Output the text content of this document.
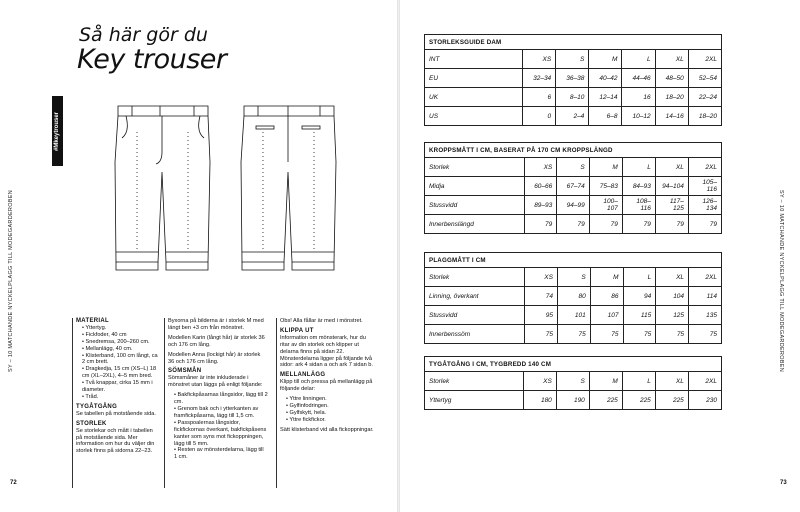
SY – 10 MATCHANDE NYCKELPLAGG TILL MODEGARDEROBEN
72
#Mkeytrouser
Så här gör du
Key trouser
MATERIAL
• Yttertyg.
• Fickfoder, 40 cm
• Snedremsa, 200–260 cm.
• Mellanlägg, 40 cm.
• Klisterband, 100 cm långt, ca 2 cm brett.
• Dragkedja, 15 cm (XS–L) 18 cm (XL–2XL), 4–5 mm bred.
• Två knappar, cirka 15 mm i diameter.
• Tråd.
TYGÅTGÅNG

Se tabellen på motstående sida.

STORLEK

Se storlekar och mått i tabellen på motstående sida. Mer information om hur du väljer din storlek finns på sidorna 22–23.

Byxorna på bilderna är i storlek M med längt ben +3 cm från mönstret.

Modellen Karin (långt hår) är storlek 36 och 176 cm lång.

Modellen Anna (lockigt hår) är storlek 36 och 176 cm lång.

SÖMSMÅN

Sömsmåner är inte inkluderade i mönstret utan läggs på enligt följande:

• Bakfickpåsarnas långsidor, lägg till 2 cm.
• Grenom bak och i ytterkanten av framfickpåsarna, lägg till 1,5 cm.
• Passpoalernas långsidor, fickfickornas överkant, bakfickpåsens kanter som syns mot fickoppningen, lägg till 5 mm.
• Resten av mönsterdelarna, lägg till 1 cm.

Obs! Alla fållar är med i mönstret.

KLIPPA UT

Information om mönsterark, hur du ritar av din storlek och klipper ut delarna finns på sidan 22. Mönsterdelarna ligger på följande två sidor: ark 4 sidan a och ark 7 sidan b.

MELLANLÄGG

Klipp till och pressa på mellanlägg på följande delar:

• Yttre linningen.
• Gylfinfodringen.
• Gylfskytt, hela.
• Yttre fickfickor.

Sätt klisterband vid alla fickoppningar.

SY – 10 MATCHANDE NYCKELPLAGG TILL MODEGARDEROBEN
73
STORLEKSGUIDE DAM						
INT	XS	S	M	L	XL	2XL
EU	32–34	36–38	40–42	44–46	48–50	52–54
UK	6	8–10	12–14	16	18–20	22–24
US	0	2–4	6–8	10–12	14–16	18–20
KROPPSMÅTT I CM, BASERAT PÅ 170 CM KROPPSLÄNGD						
Storlek	XS	S	M	L	XL	2XL
Midja	60–66	67–74	75–83	84–93	94–104	105–116
Stussvidd	89–93	94–99	100–107	108–116	117–125	126–134
Innerbenslängd	79	79	79	79	79	79
PLAGGMÅTT I CM						
Storlek	XS	S	M	L	XL	2XL
Linning, överkant	74	80	86	94	104	114
Stussvidd	95	101	107	115	125	135
Innerbenssöm	75	75	75	75	75	75
TYGÅTGÅNG I CM, TYGBREDD 140 CM						
Storlek	XS	S	M	L	XL	2XL
Yttertyg	180	190	225	225	225	230
